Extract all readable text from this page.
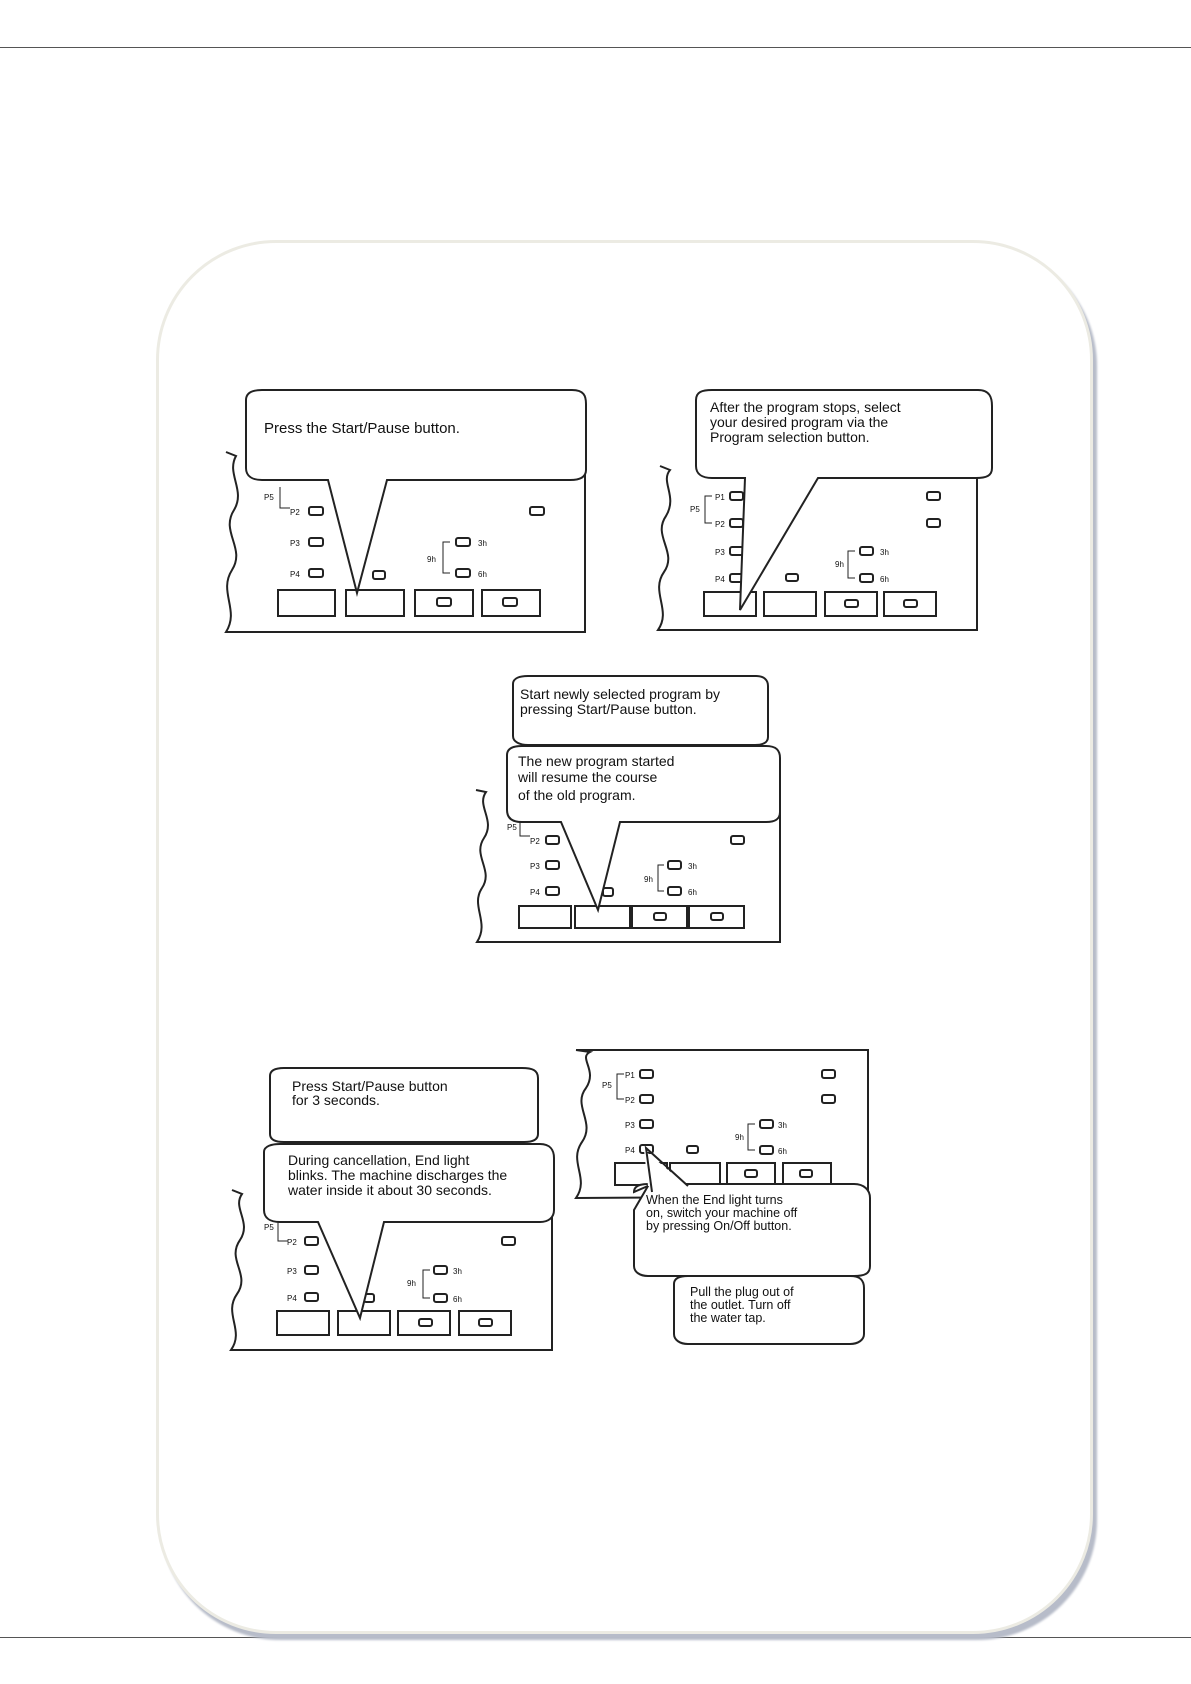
P5
P2
P3
P4
9h
3h
6h
P5
P1
P2
P3
P4
9h
3h
6h
P5
P2
P3
P4
9h
3h
6h
P5
P2
P3
P4
9h
3h
6h
P5
P1
P2
P3
P4
9h
3h
6h
Press the Start/Pause button.
After the program stops, select
your desired program via the
Program selection button.
Start newly selected program by
pressing Start/Pause button.
The new program started
will resume the course
of the old program.
Press Start/Pause button
for 3 seconds.
During cancellation, End light
blinks. The machine discharges the
water inside it about 30 seconds.
When the End light turns
on, switch your machine off
by pressing On/Off button.
Pull the plug out of
the outlet. Turn off
the water tap.
